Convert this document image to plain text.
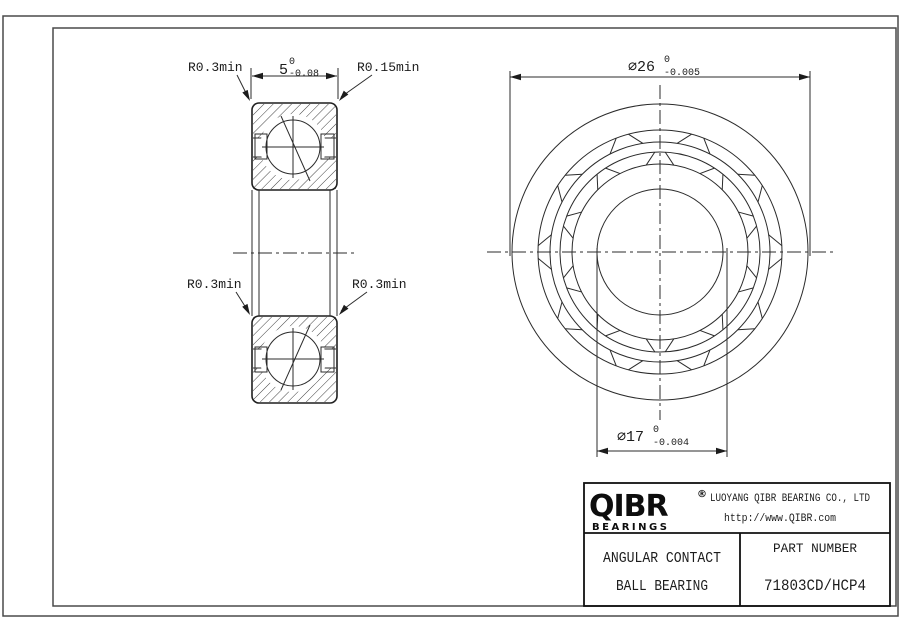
5 0
-0.08
R0.3min	R0.15min
R0.3min	R0.3min
∅26 0
-0.005
∅17 0
-0.004
QIBR	®
BEARINGS
LUOYANG QIBR BEARING CO., LTD
http://www.QIBR.com
ANGULAR CONTACT
BALL BEARING
PART NUMBER
71803CD/HCP4
